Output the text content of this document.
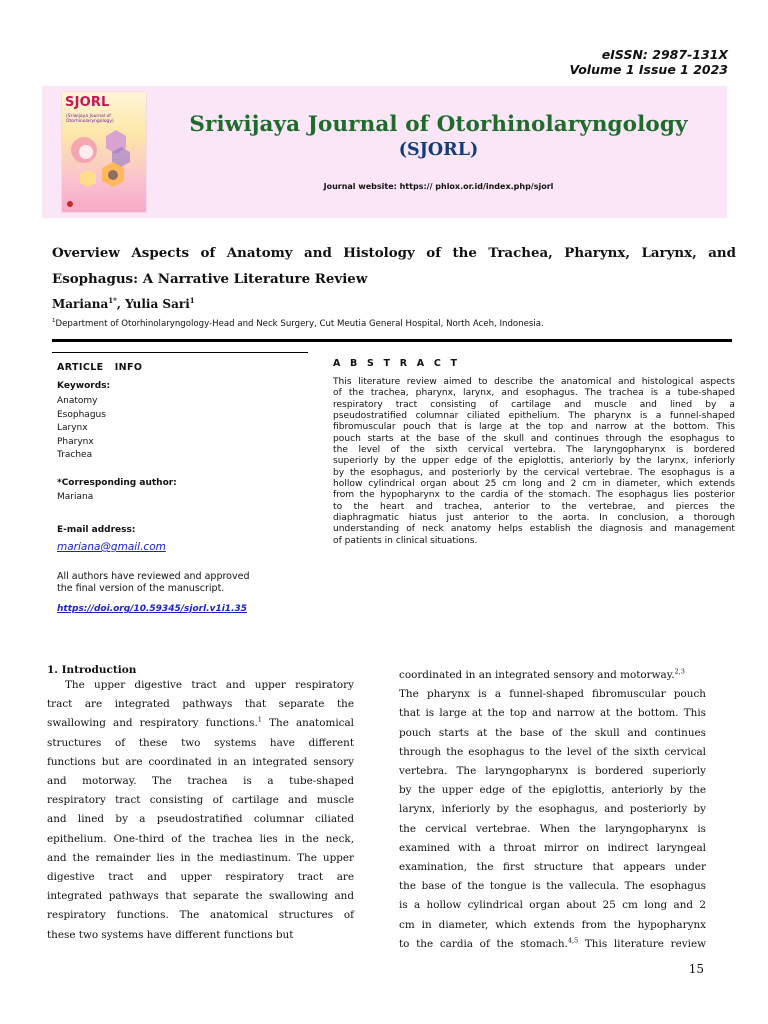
eISSN: 2987-131X
Volume 1 Issue 1 2023
SJORL
(Sriwijaya Journal of Otorhinolaryngology)	Sriwijaya Journal of Otorhinolaryngology
(SJORL)
Journal website: https:// phlox.or.id/index.php/sjorl
Overview Aspects of Anatomy and Histology of the Trachea, Pharynx, Larynx, and
Esophagus: A Narrative Literature Review
Mariana$^{1*}$, Yulia Sari$^1$
$^1$Department of Otorhinolaryngology-Head and Neck Surgery, Cut Meutia General Hospital, North Aceh, Indonesia.
ARTICLE   INFO
Keywords:
Anatomy
Esophagus
Larynx
Pharynx
Trachea
*Corresponding author:
Mariana
E-mail address:
mariana@gmail.com
All authors have reviewed and approved
the final version of the manuscript.
https://doi.org/10.59345/sjorl.v1i1.35
A B S T R A C T
This literature review aimed to describe the anatomical and histological aspects
of the trachea, pharynx, larynx, and esophagus. The trachea is a tube-shaped
respiratory tract consisting of cartilage and muscle and lined by a
pseudostratified columnar ciliated epithelium. The pharynx is a funnel-shaped
fibromuscular pouch that is large at the top and narrow at the bottom. This
pouch starts at the base of the skull and continues through the esophagus to
the level of the sixth cervical vertebra. The laryngopharynx is bordered
superiorly by the upper edge of the epiglottis, anteriorly by the larynx, inferiorly
by the esophagus, and posteriorly by the cervical vertebrae. The esophagus is a
hollow cylindrical organ about 25 cm long and 2 cm in diameter, which extends
from the hypopharynx to the cardia of the stomach. The esophagus lies posterior
to the heart and trachea, anterior to the vertebrae, and pierces the
diaphragmatic hiatus just anterior to the aorta. In conclusion, a thorough
understanding of neck anatomy helps establish the diagnosis and management
of patients in clinical situations.
1. Introduction
The upper digestive tract and upper respiratory
tract are integrated pathways that separate the
swallowing and respiratory functions.$^1$ The anatomical
structures of these two systems have different
functions but are coordinated in an integrated sensory
and motorway. The trachea is a tube-shaped
respiratory tract consisting of cartilage and muscle
and lined by a pseudostratified columnar ciliated
epithelium. One-third of the trachea lies in the neck,
and the remainder lies in the mediastinum. The upper
digestive tract and upper respiratory tract are
integrated pathways that separate the swallowing and
respiratory functions. The anatomical structures of
these two systems have different functions but
coordinated in an integrated sensory and motorway.$^{2,3}$
The pharynx is a funnel-shaped fibromuscular pouch
that is large at the top and narrow at the bottom. This
pouch starts at the base of the skull and continues
through the esophagus to the level of the sixth cervical
vertebra. The laryngopharynx is bordered superiorly
by the upper edge of the epiglottis, anteriorly by the
larynx, inferiorly by the esophagus, and posteriorly by
the cervical vertebrae. When the laryngopharynx is
examined with a throat mirror on indirect laryngeal
examination, the first structure that appears under
the base of the tongue is the vallecula. The esophagus
is a hollow cylindrical organ about 25 cm long and 2
cm in diameter, which extends from the hypopharynx
to the cardia of the stomach.$^{4,5}$ This literature review
15
